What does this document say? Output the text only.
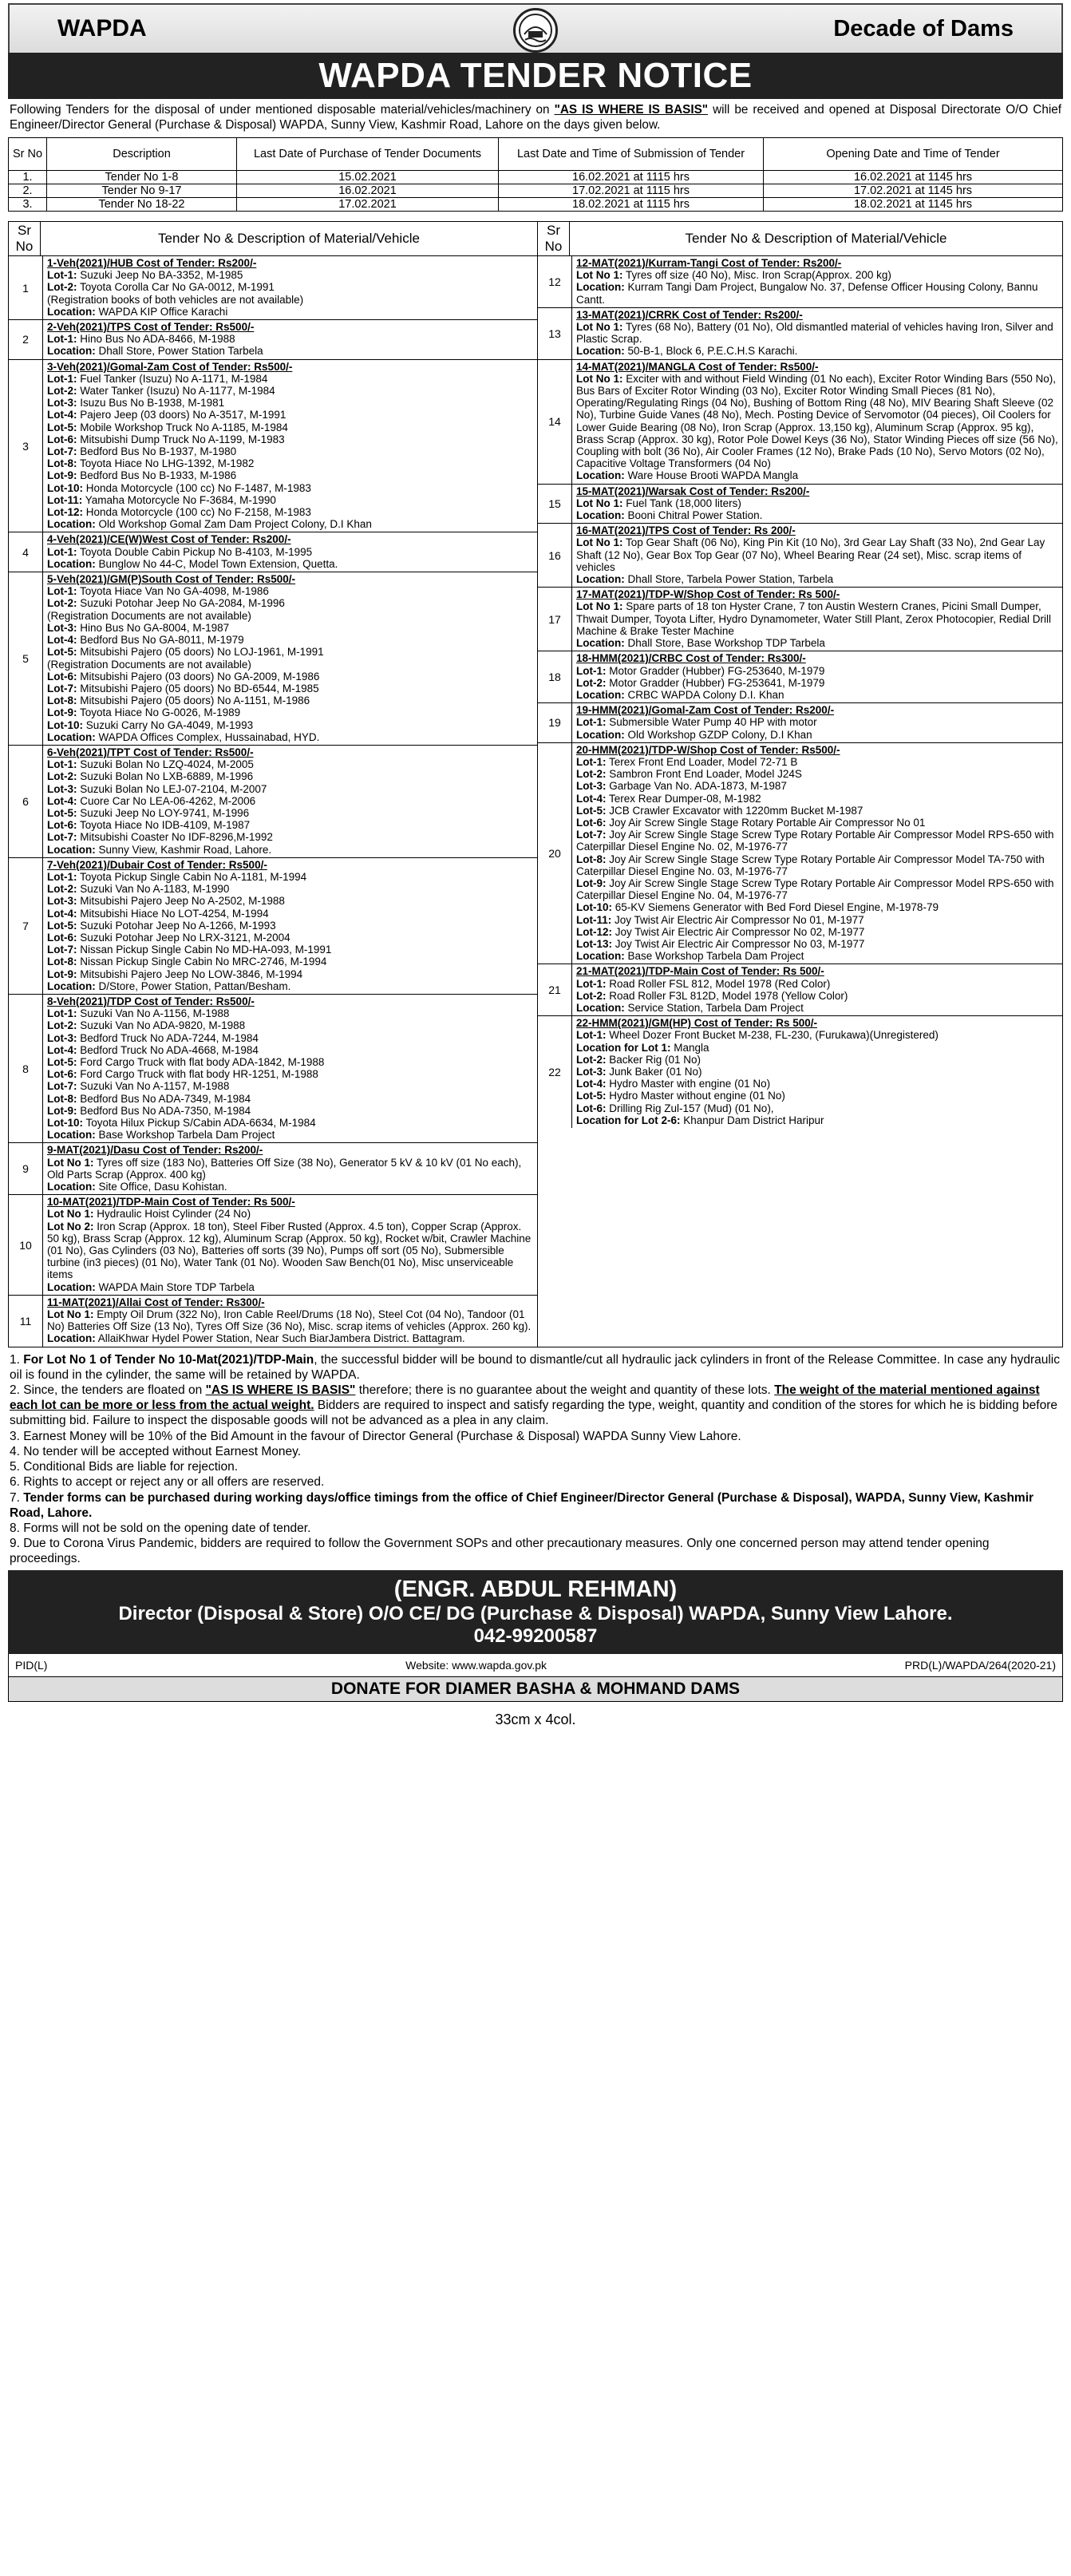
WAPDA	Decade of Dams
WAPDA TENDER NOTICE
Following Tenders for the disposal of under mentioned disposable material/vehicles/machinery on "AS IS WHERE IS BASIS" will be received and opened at Disposal Directorate O/O Chief Engineer/Director General (Purchase & Disposal) WAPDA, Sunny View, Kashmir Road, Lahore on the days given below.
Sr No	Description	Last Date of Purchase of Tender Documents	Last Date and Time of Submission of Tender	Opening Date and Time of Tender
1.	Tender No 1-8	15.02.2021	16.02.2021 at 1115 hrs	16.02.2021 at 1145 hrs
2.	Tender No 9-17	16.02.2021	17.02.2021 at 1115 hrs	17.02.2021 at 1145 hrs
3.	Tender No 18-22	17.02.2021	18.02.2021 at 1115 hrs	18.02.2021 at 1145 hrs
Sr No	Tender No & Description of Material/Vehicle	Sr No	Tender No & Description of Material/Vehicle

1	
1-Veh(2021)/HUB Cost of Tender: Rs200/-
Lot-1: Suzuki Jeep No BA-3352, M-1985
Lot-2: Toyota Corolla Car No GA-0012, M-1991
(Registration books of both vehicles are not available)
Location: WAPDA KIP Office Karachi

2	
2-Veh(2021)/TPS Cost of Tender: Rs500/-
Lot-1: Hino Bus No ADA-8466, M-1988
Location: Dhall Store, Power Station Tarbela

3	
3-Veh(2021)/Gomal-Zam Cost of Tender: Rs500/-
Lot-1: Fuel Tanker (Isuzu) No A-1171, M-1984
Lot-2: Water Tanker (Isuzu) No A-1177, M-1984
Lot-3: Isuzu Bus No B-1938, M-1981
Lot-4: Pajero Jeep (03 doors) No A-3517, M-1991
Lot-5: Mobile Workshop Truck No A-1185, M-1984
Lot-6: Mitsubishi Dump Truck No A-1199, M-1983
Lot-7: Bedford Bus No B-1937, M-1980
Lot-8: Toyota Hiace No LHG-1392, M-1982
Lot-9: Bedford Bus No B-1933, M-1986
Lot-10: Honda Motorcycle (100 cc) No F-1487, M-1983
Lot-11: Yamaha Motorcycle No F-3684, M-1990
Lot-12: Honda Motorcycle (100 cc) No F-2158, M-1983
Location: Old Workshop Gomal Zam Dam Project Colony, D.I Khan

4	
4-Veh(2021)/CE(W)West Cost of Tender: Rs200/-
Lot-1: Toyota Double Cabin Pickup No B-4103, M-1995
Location: Bunglow No 44-C, Model Town Extension, Quetta.

5	
5-Veh(2021)/GM(P)South Cost of Tender: Rs500/-
Lot-1: Toyota Hiace Van No GA-4098, M-1986
Lot-2: Suzuki Potohar Jeep No GA-2084, M-1996
(Registration Documents are not available)
Lot-3: Hino Bus No GA-8004, M-1987
Lot-4: Bedford Bus No GA-8011, M-1979
Lot-5: Mitsubishi Pajero (05 doors) No LOJ-1961, M-1991
(Registration Documents are not available)
Lot-6: Mitsubishi Pajero (03 doors) No GA-2009, M-1986
Lot-7: Mitsubishi Pajero (05 doors) No BD-6544, M-1985
Lot-8: Mitsubishi Pajero (05 doors) No A-1151, M-1986
Lot-9: Toyota Hiace No G-0026, M-1989
Lot-10: Suzuki Carry No GA-4049, M-1993
Location: WAPDA Offices Complex, Hussainabad, HYD.

6	
6-Veh(2021)/TPT Cost of Tender: Rs500/-
Lot-1: Suzuki Bolan No LZQ-4024, M-2005
Lot-2: Suzuki Bolan No LXB-6889, M-1996
Lot-3: Suzuki Bolan No LEJ-07-2104, M-2007
Lot-4: Cuore Car No LEA-06-4262, M-2006
Lot-5: Suzuki Jeep No LOY-9741, M-1996
Lot-6: Toyota Hiace No IDB-4109, M-1987
Lot-7: Mitsubishi Coaster No IDF-8296,M-1992
Location: Sunny View, Kashmir Road, Lahore.

7	
7-Veh(2021)/Dubair Cost of Tender: Rs500/-
Lot-1: Toyota Pickup Single Cabin No A-1181, M-1994
Lot-2: Suzuki Van No A-1183, M-1990
Lot-3: Mitsubishi Pajero Jeep No A-2502, M-1988
Lot-4: Mitsubishi Hiace No LOT-4254, M-1994
Lot-5: Suzuki Potohar Jeep No A-1266, M-1993
Lot-6: Suzuki Potohar Jeep No LRX-3121, M-2004
Lot-7: Nissan Pickup Single Cabin No MD-HA-093, M-1991
Lot-8: Nissan Pickup Single Cabin No MRC-2746, M-1994
Lot-9: Mitsubishi Pajero Jeep No LOW-3846, M-1994
Location: D/Store, Power Station, Pattan/Besham.

8	
8-Veh(2021)/TDP Cost of Tender: Rs500/-
Lot-1: Suzuki Van No A-1156, M-1988
Lot-2: Suzuki Van No ADA-9820, M-1988
Lot-3: Bedford Truck No ADA-7244, M-1984
Lot-4: Bedford Truck No ADA-4668, M-1984
Lot-5: Ford Cargo Truck with flat body ADA-1842, M-1988
Lot-6: Ford Cargo Truck with flat body HR-1251, M-1988
Lot-7: Suzuki Van No A-1157, M-1988
Lot-8: Bedford Bus No ADA-7349, M-1984
Lot-9: Bedford Bus No ADA-7350, M-1984
Lot-10: Toyota Hilux Pickup S/Cabin ADA-6634, M-1984
Location: Base Workshop Tarbela Dam Project

9	
9-MAT(2021)/Dasu Cost of Tender: Rs200/-
Lot No 1: Tyres off size (183 No), Batteries Off Size (38 No), Generator 5 kV & 10 kV (01 No each), Old Parts Scrap (Approx. 400 kg)
Location: Site Office, Dasu Kohistan.

10	
10-MAT(2021)/TDP-Main Cost of Tender: Rs 500/-
Lot No 1: Hydraulic Hoist Cylinder (24 No)
Lot No 2: Iron Scrap (Approx. 18 ton), Steel Fiber Rusted (Approx. 4.5 ton), Copper Scrap (Approx. 50 kg), Brass Scrap (Approx. 12 kg), Aluminum Scrap (Approx. 50 kg), Rocket w/bit, Crawler Machine (01 No), Gas Cylinders (03 No), Batteries off sorts (39 No), Pumps off sort (05 No), Submersible turbine (in3 pieces) (01 No), Water Tank (01 No). Wooden Saw Bench(01 No), Misc unserviceable items
Location: WAPDA Main Store TDP Tarbela

11	
11-MAT(2021)/Allai Cost of Tender: Rs300/-
Lot No 1: Empty Oil Drum (322 No), Iron Cable Reel/Drums (18 No), Steel Cot (04 No), Tandoor (01 No) Batteries Off Size (13 No), Tyres Off Size (36 No), Misc. scrap items of vehicles (Approx. 260 kg).
Location: AllaiKhwar Hydel Power Station, Near Such BiarJambera District. Battagram.

12	
12-MAT(2021)/Kurram-Tangi Cost of Tender: Rs200/-
Lot No 1: Tyres off size (40 No), Misc. Iron Scrap(Approx. 200 kg)
Location: Kurram Tangi Dam Project, Bungalow No. 37, Defense Officer Housing Colony, Bannu Cantt.

13	
13-MAT(2021)/CRRK Cost of Tender: Rs200/-
Lot No 1: Tyres (68 No), Battery (01 No), Old dismantled material of vehicles having Iron, Silver and Plastic Scrap.
Location: 50-B-1, Block 6, P.E.C.H.S Karachi.

14	
14-MAT(2021)/MANGLA Cost of Tender: Rs500/-
Lot No 1: Exciter with and without Field Winding (01 No each), Exciter Rotor Winding Bars (550 No), Bus Bars of Exciter Rotor Winding (03 No), Exciter Rotor Winding Small Pieces (81 No), Operating/Regulating Rings (04 No), Bushing of Bottom Ring (48 No), MIV Bearing Shaft Sleeve (02 No), Turbine Guide Vanes (48 No), Mech. Posting Device of Servomotor (04 pieces), Oil Coolers for Lower Guide Bearing (08 No), Iron Scrap (Approx. 13,150 kg), Aluminum Scrap (Approx. 95 kg), Brass Scrap (Approx. 30 kg), Rotor Pole Dowel Keys (36 No), Stator Winding Pieces off size (56 No), Coupling with bolt (36 No), Air Cooler Frames (12 No), Brake Pads (10 No), Servo Motors (02 No), Capacitive Voltage Transformers (04 No)
Location: Ware House Brooti WAPDA Mangla

15	
15-MAT(2021)/Warsak Cost of Tender: Rs200/-
Lot No 1: Fuel Tank (18,000 liters)
Location: Booni Chitral Power Station.

16	
16-MAT(2021)/TPS Cost of Tender: Rs 200/-
Lot No 1: Top Gear Shaft (06 No), King Pin Kit (10 No), 3rd Gear Lay Shaft (33 No), 2nd Gear Lay Shaft (12 No), Gear Box Top Gear (07 No), Wheel Bearing Rear (24 set), Misc. scrap items of vehicles
Location: Dhall Store, Tarbela Power Station, Tarbela

17	
17-MAT(2021)/TDP-W/Shop Cost of Tender: Rs 500/-
Lot No 1: Spare parts of 18 ton Hyster Crane, 7 ton Austin Western Cranes, Picini Small Dumper, Thwait Dumper, Toyota Lifter, Hydro Dynamometer, Water Still Plant, Zerox Photocopier, Redial Drill Machine & Brake Tester Machine
Location: Dhall Store, Base Workshop TDP Tarbela

18	
18-HMM(2021)/CRBC Cost of Tender: Rs300/-
Lot-1: Motor Gradder (Hubber) FG-253640, M-1979
Lot-2: Motor Gradder (Hubber) FG-253641, M-1979
Location: CRBC WAPDA Colony D.I. Khan

19	
19-HMM(2021)/Gomal-Zam Cost of Tender: Rs200/-
Lot-1: Submersible Water Pump 40 HP with motor
Location: Old Workshop GZDP Colony, D.I Khan

20	
20-HMM(2021)/TDP-W/Shop Cost of Tender: Rs500/-
Lot-1: Terex Front End Loader, Model 72-71 B
Lot-2: Sambron Front End Loader, Model J24S
Lot-3: Garbage Van No. ADA-1873, M-1987
Lot-4: Terex Rear Dumper-08, M-1982
Lot-5: JCB Crawler Excavator with 1220mm Bucket M-1987
Lot-6: Joy Air Screw Single Stage Rotary Portable Air Compressor No 01
Lot-7: Joy Air Screw Single Stage Screw Type Rotary Portable Air Compressor Model RPS-650 with Caterpillar Diesel Engine No. 02, M-1976-77
Lot-8: Joy Air Screw Single Stage Screw Type Rotary Portable Air Compressor Model TA-750 with Caterpillar Diesel Engine No. 03, M-1976-77
Lot-9: Joy Air Screw Single Stage Screw Type Rotary Portable Air Compressor Model RPS-650 with Caterpillar Diesel Engine No. 04, M-1976-77
Lot-10: 65-KV Siemens Generator with Bed Ford Diesel Engine, M-1978-79
Lot-11: Joy Twist Air Electric Air Compressor No 01, M-1977
Lot-12: Joy Twist Air Electric Air Compressor No 02, M-1977
Lot-13: Joy Twist Air Electric Air Compressor No 03, M-1977
Location: Base Workshop Tarbela Dam Project

21	
21-MAT(2021)/TDP-Main Cost of Tender: Rs 500/-
Lot-1: Road Roller FSL 812, Model 1978 (Red Color)
Lot-2: Road Roller F3L 812D, Model 1978 (Yellow Color)
Location: Service Station, Tarbela Dam Project

22	
22-HMM(2021)/GM(HP) Cost of Tender: Rs 500/-
Lot-1: Wheel Dozer Front Bucket M-238, FL-230, (Furukawa)(Unregistered)
Location for Lot 1: Mangla
Lot-2: Backer Rig (01 No)
Lot-3: Junk Baker (01 No)
Lot-4: Hydro Master with engine (01 No)
Lot-5: Hydro Master without engine (01 No)
Lot-6: Drilling Rig Zul-157 (Mud) (01 No),
Location for Lot 2-6: Khanpur Dam District Haripur

1. For Lot No 1 of Tender No 10-Mat(2021)/TDP-Main, the successful bidder will be bound to dismantle/cut all hydraulic jack cylinders in front of the Release Committee. In case any hydraulic oil is found in the cylinder, the same will be retained by WAPDA.

2. Since, the tenders are floated on "AS IS WHERE IS BASIS" therefore; there is no guarantee about the weight and quantity of these lots. The weight of the material mentioned against each lot can be more or less from the actual weight. Bidders are required to inspect and satisfy regarding the type, weight, quantity and condition of the stores for which he is bidding before submitting bid. Failure to inspect the disposable goods will not be advanced as a plea in any claim.

3. Earnest Money will be 10% of the Bid Amount in the favour of Director General (Purchase & Disposal) WAPDA Sunny View Lahore.

4. No tender will be accepted without Earnest Money.

5. Conditional Bids are liable for rejection.

6. Rights to accept or reject any or all offers are reserved.

7. Tender forms can be purchased during working days/office timings from the office of Chief Engineer/Director General (Purchase & Disposal), WAPDA, Sunny View, Kashmir Road, Lahore.

8. Forms will not be sold on the opening date of tender.

9. Due to Corona Virus Pandemic, bidders are required to follow the Government SOPs and other precautionary measures. Only one concerned person may attend tender opening proceedings.

(ENGR. ABDUL REHMAN)
Director (Disposal & Store) O/O CE/ DG (Purchase & Disposal) WAPDA, Sunny View Lahore.
042-99200587
PID(L)	Website: www.wapda.gov.pk	PRD(L)/WAPDA/264(2020-21)
DONATE FOR DIAMER BASHA & MOHMAND DAMS
33cm x 4col.
